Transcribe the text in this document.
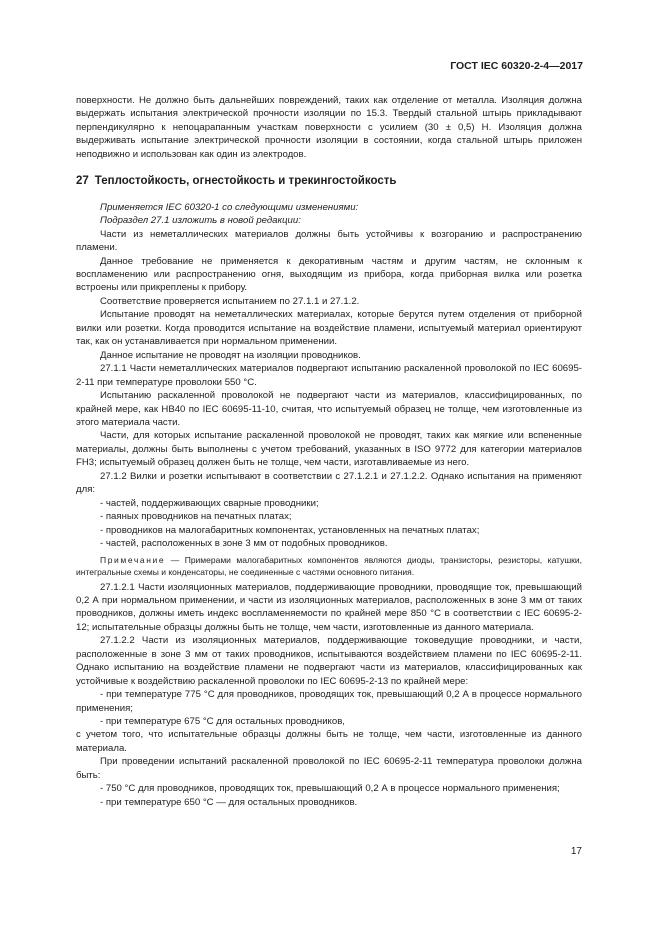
ГОСТ IEC 60320-2-4—2017

поверхности. Не должно быть дальнейших повреждений, таких как отделение от металла. Изоляция должна выдержать испытания электрической прочности изоляции по 15.3. Твердый стальной штырь прикладывают перпендикулярно к непоцарапанным участкам поверхности с усилием (30 ± 0,5) Н. Изоляция должна выдерживать испытание электрической прочности изоляции в состоянии, когда стальной штырь приложен неподвижно и использован как один из электродов.

27 Теплостойкость, огнестойкость и трекингостойкость

Применяется IEC 60320-1 со следующими изменениями:

Подраздел 27.1 изложить в новой редакции:

Части из неметаллических материалов должны быть устойчивы к возгоранию и распространению пламени.

Данное требование не применяется к декоративным частям и другим частям, не склонным к воспламенению или распространению огня, выходящим из прибора, когда приборная вилка или розетка встроены или прикреплены к прибору.

Соответствие проверяется испытанием по 27.1.1 и 27.1.2.

Испытание проводят на неметаллических материалах, которые берутся путем отделения от приборной вилки или розетки. Когда проводится испытание на воздействие пламени, испытуемый материал ориентируют так, как он устанавливается при нормальном применении.

Данное испытание не проводят на изоляции проводников.

27.1.1 Части неметаллических материалов подвергают испытанию раскаленной проволокой по IEC 60695-2-11 при температуре проволоки 550 °С.

Испытанию раскаленной проволокой не подвергают части из материалов, классифицированных, по крайней мере, как HB40 по IEC 60695-11-10, считая, что испытуемый образец не толще, чем изготовленные из этого материала части.

Части, для которых испытание раскаленной проволокой не проводят, таких как мягкие или вспененные материалы, должны быть выполнены с учетом требований, указанных в ISO 9772 для категории материалов FH3; испытуемый образец должен быть не толще, чем части, изготавливаемые из него.

27.1.2 Вилки и розетки испытывают в соответствии с 27.1.2.1 и 27.1.2.2. Однако испытания на применяют для:

- частей, поддерживающих сварные проводники;

- паяных проводников на печатных платах;

- проводников на малогабаритных компонентах, установленных на печатных платах;

- частей, расположенных в зоне 3 мм от подобных проводников.

Примечание — Примерами малогабаритных компонентов являются диоды, транзисторы, резисторы, катушки, интегральные схемы и конденсаторы, не соединенные с частями основного питания.

27.1.2.1 Части изоляционных материалов, поддерживающие проводники, проводящие ток, превышающий 0,2 А при нормальном применении, и части из изоляционных материалов, расположенных в зоне 3 мм от таких проводников, должны иметь индекс воспламеняемости по крайней мере 850 °С в соответствии с IEC 60695-2-12; испытательные образцы должны быть не толще, чем части, изготовленные из данного материала.

27.1.2.2 Части из изоляционных материалов, поддерживающие токоведущие проводники, и части, расположенные в зоне 3 мм от таких проводников, испытываются воздействием пламени по IEC 60695-2-11. Однако испытанию на воздействие пламени не подвергают части из материалов, классифицированных как устойчивые к воздействию раскаленной проволоки по IEC 60695-2-13 по крайней мере:

- при температуре 775 °С для проводников, проводящих ток, превышающий 0,2 А в процессе нормального применения;

- при температуре 675 °С для остальных проводников,

с учетом того, что испытательные образцы должны быть не толще, чем части, изготовленные из данного материала.

При проведении испытаний раскаленной проволокой по IEC 60695-2-11 температура проволоки должна быть:

- 750 °С для проводников, проводящих ток, превышающий 0,2 А в процессе нормального применения;

- при температуре 650 °С — для остальных проводников.

17
